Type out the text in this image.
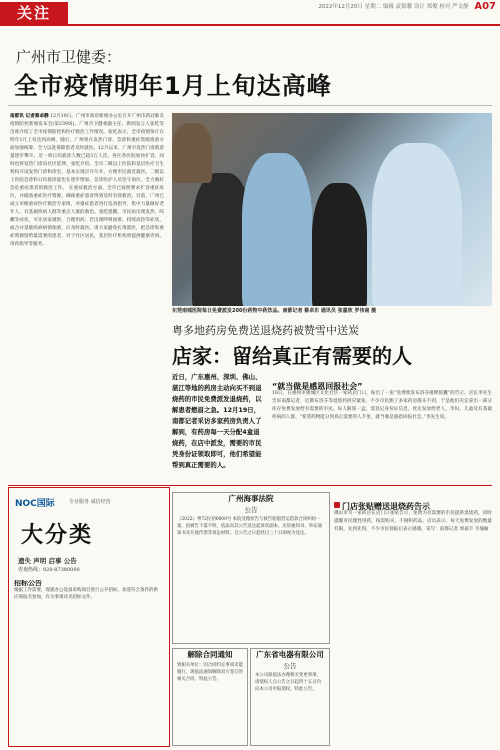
关注	2022年12月20日 星期二 编辑 袁锦馨 设计 郑俊 校对 严文静 A07
广州市卫健委：
全市疫情明年1月上旬达高峰
南都讯 记者蔡卓静 12月19日，广州市政府新闻办公室召开广州市新冠肺炎疫情防控新闻发布会(第239场)。广州市卫健委副主任、新闻发言人张屹等出席介绍了全市疫情防控和医疗救治工作情况。张屹表示，全市疫情预计在明年1月上旬达到高峰，随后，广州将在发热门诊、急诊和重症资源准备方面加强统筹，全力以赴保障患者及时就医。12月以来，广州市发热门诊就诊量逐步攀升，近一周日均就诊人数已超3万人次，各区各医院加快扩容，同时也将发热门诊向社区延伸。张屹介绍，全市二级以上医院和基层医疗卫生机构开设发热门诊和诊室，基本实现应开尽开，方便市民就近就医。二级以上医院急诊科日均接诊量也在逐步增加，急诊医护人员坚守岗位，全力做好急危重症患者的救治工作。 在重症救治方面，全市已按照要求扩容重症床位，并储备重症医疗资源，确保重症患者得到及时有效救治。目前，广州已成立市级重症医疗救治专家组，对重症患者进行巡查指导，集中力量做好老年人、有基础疾病人群等重点人群的救治。张屹提醒，市民如出现发热、咳嗽等症状，可先居家观察，合理用药；若出现呼吸困难、持续高热等症状，或合并基础疾病病情加重，应及时就医。请大家避免扎堆就医，把急诊和重症资源留给最需要的患者。对于社区居民，基层医疗机构将提供健康咨询、用药指导等服务。
东莞南城医院每日免费派发200份药物中药饮品。南都记者 蔡卓东 通讯员 张嘉欣 罗伟南 摄
粤多地药房免费送退烧药被赞雪中送炭
店家：留给真正有需要的人
近日，广东惠州、深圳、佛山、湛江等地的药房主动向买不到退烧药的市民免费派发退烧药，以解患者燃眉之急。12月19日，南都记者采访多家药房负责人了解到，有药房每一天分配4盒退烧药，在店中派发，需要的市民凭身份证领取即可，他们希望能帮到真正需要的人。
“就当做是感恩回报社会”
18日，在惠州市惠城区文化社区一家药店门口，贴出了一张“免费派发布洛芬缓释胶囊”的告示。店长李先生告诉南都记者，近期布洛芬等退烧药供应紧张，不少市民跑了多家药房都买不到，于是他们决定拿出一部分库存免费发放给有需要的市民。每人限领一盒，需登记身份证信息，优先发放给老人、孕妇、儿童及有基础疾病的人群。“希望药物能分到真正需要的人手里，就当做是感恩回报社会。”李先生说。
NOC国际	专业服务 诚信经营
大分类
遗失 声明 启事 公告
咨询热线：020-87380000
招标公告
根据工作需要，现就办公设备采购项目进行公开招标，欢迎符合条件的供应商报名参加，有关事项详见招标文件。
广州海事法院
公告
（2022）粤72民初0000号 本院受理原告与被告船舶营运借款合同纠纷一案，因被告下落不明，依法向其公告送达起诉状副本、应诉通知书、举证通知书及开庭传票等诉讼材料。自公告之日起经过三十日即视为送达。
解除合同通知
致相关单位：因合同约定事项未能履行，现依法通知解除双方签订的相关合同，特此公告。
广东省电器有限公司
公告
本公司拟依法办理相关变更事项，请债权人自公告之日起四十五日内向本公司申报债权，特此公告。
门店张贴赠送退烧药告示
佛山市另一家药店在店门口张贴告示，免费为有需要的市民提供退烧药，同时提醒市民理性用药，按需购买，不囤积药品。店员表示，每天免费发放的数量有限，先到先得，不少市民领取后表示感谢。采写：南都记者 周嘉丰 韦瑜颖
